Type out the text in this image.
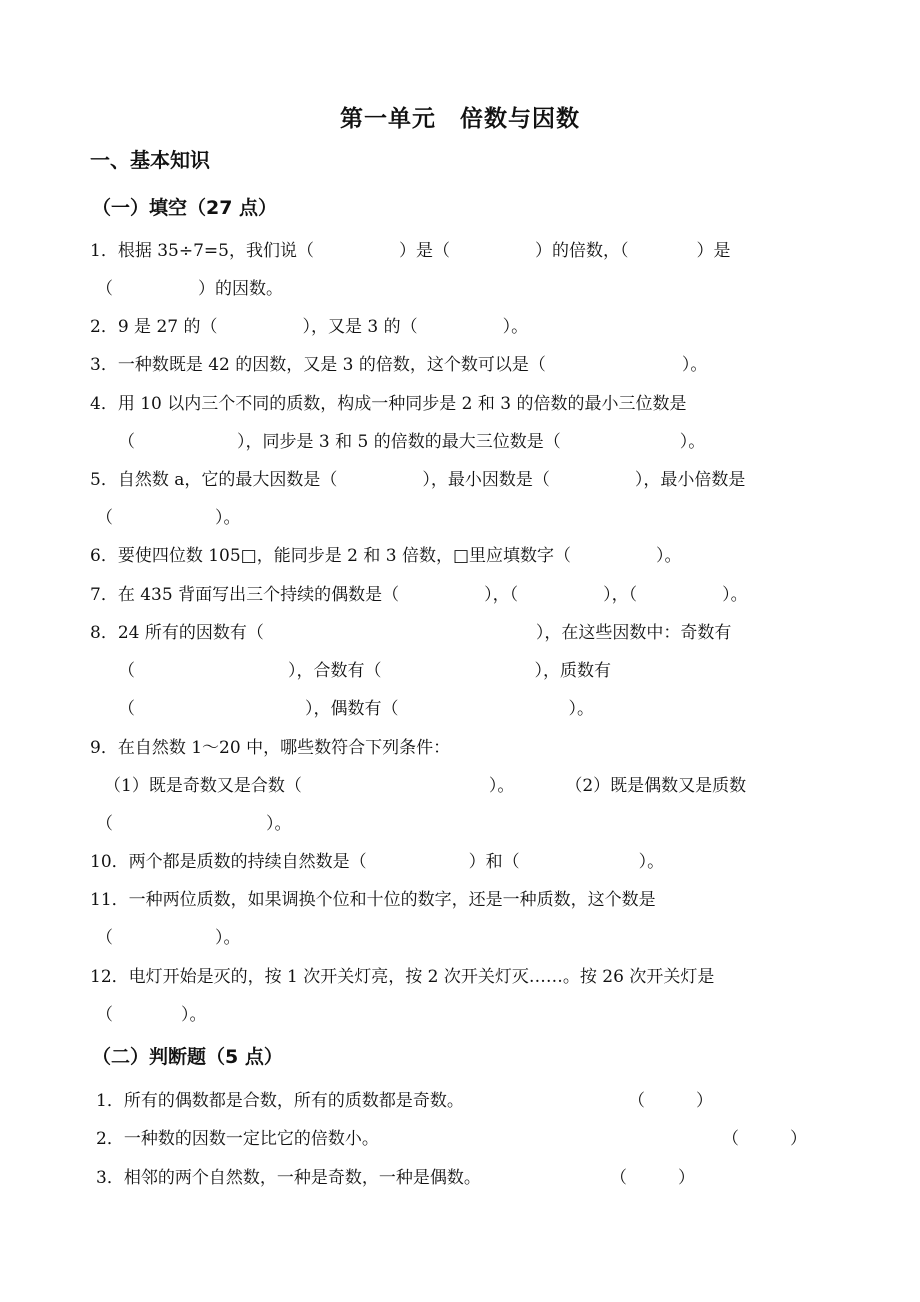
第一单元　倍数与因数
一、基本知识
（一）填空（27 点）
1．根据 35÷7=5，我们说（　　　　　）是（　　　　　）的倍数，（　　　　）是
（　　　　　）的因数。
2．9 是 27 的（　　　　　），又是 3 的（　　　　　）。
3．一种数既是 42 的因数，又是 3 的倍数，这个数可以是（　　　　　　　　）。
4．用 10 以内三个不同的质数，构成一种同步是 2 和 3 的倍数的最小三位数是
（　　　　　　），同步是 3 和 5 的倍数的最大三位数是（　　　　　　　）。
5．自然数 a，它的最大因数是（　　　　　），最小因数是（　　　　　），最小倍数是
（　　　　　　）。
6．要使四位数 105□，能同步是 2 和 3 倍数，□里应填数字（　　　　　）。
7．在 435 背面写出三个持续的偶数是（　　　　　），（　　　　　），（　　　　　）。
8．24 所有的因数有（　　　　　　　　　　　　　　　　），在这些因数中：奇数有
（　　　　　　　　　），合数有（　　　　　　　　　），质数有
（　　　　　　　　　　），偶数有（　　　　　　　　　　）。
9．在自然数 1～20 中，哪些数符合下列条件：
（1）既是奇数又是合数（　　　　　　　　　　　）。　　　　（2）既是偶数又是质数
（　　　　　　　　　）。
10．两个都是质数的持续自然数是（　　　　　　）和（　　　　　　　）。
11．一种两位质数，如果调换个位和十位的数字，还是一种质数，这个数是
（　　　　　　）。
12．电灯开始是灭的，按 1 次开关灯亮，按 2 次开关灯灭……。按 26 次开关灯是
（　　　　）。
（二）判断题（5 点）
1．所有的偶数都是合数，所有的质数都是奇数。	（　　　）
2．一种数的因数一定比它的倍数小。	（　　　）
3．相邻的两个自然数，一种是奇数，一种是偶数。	（　　　）
